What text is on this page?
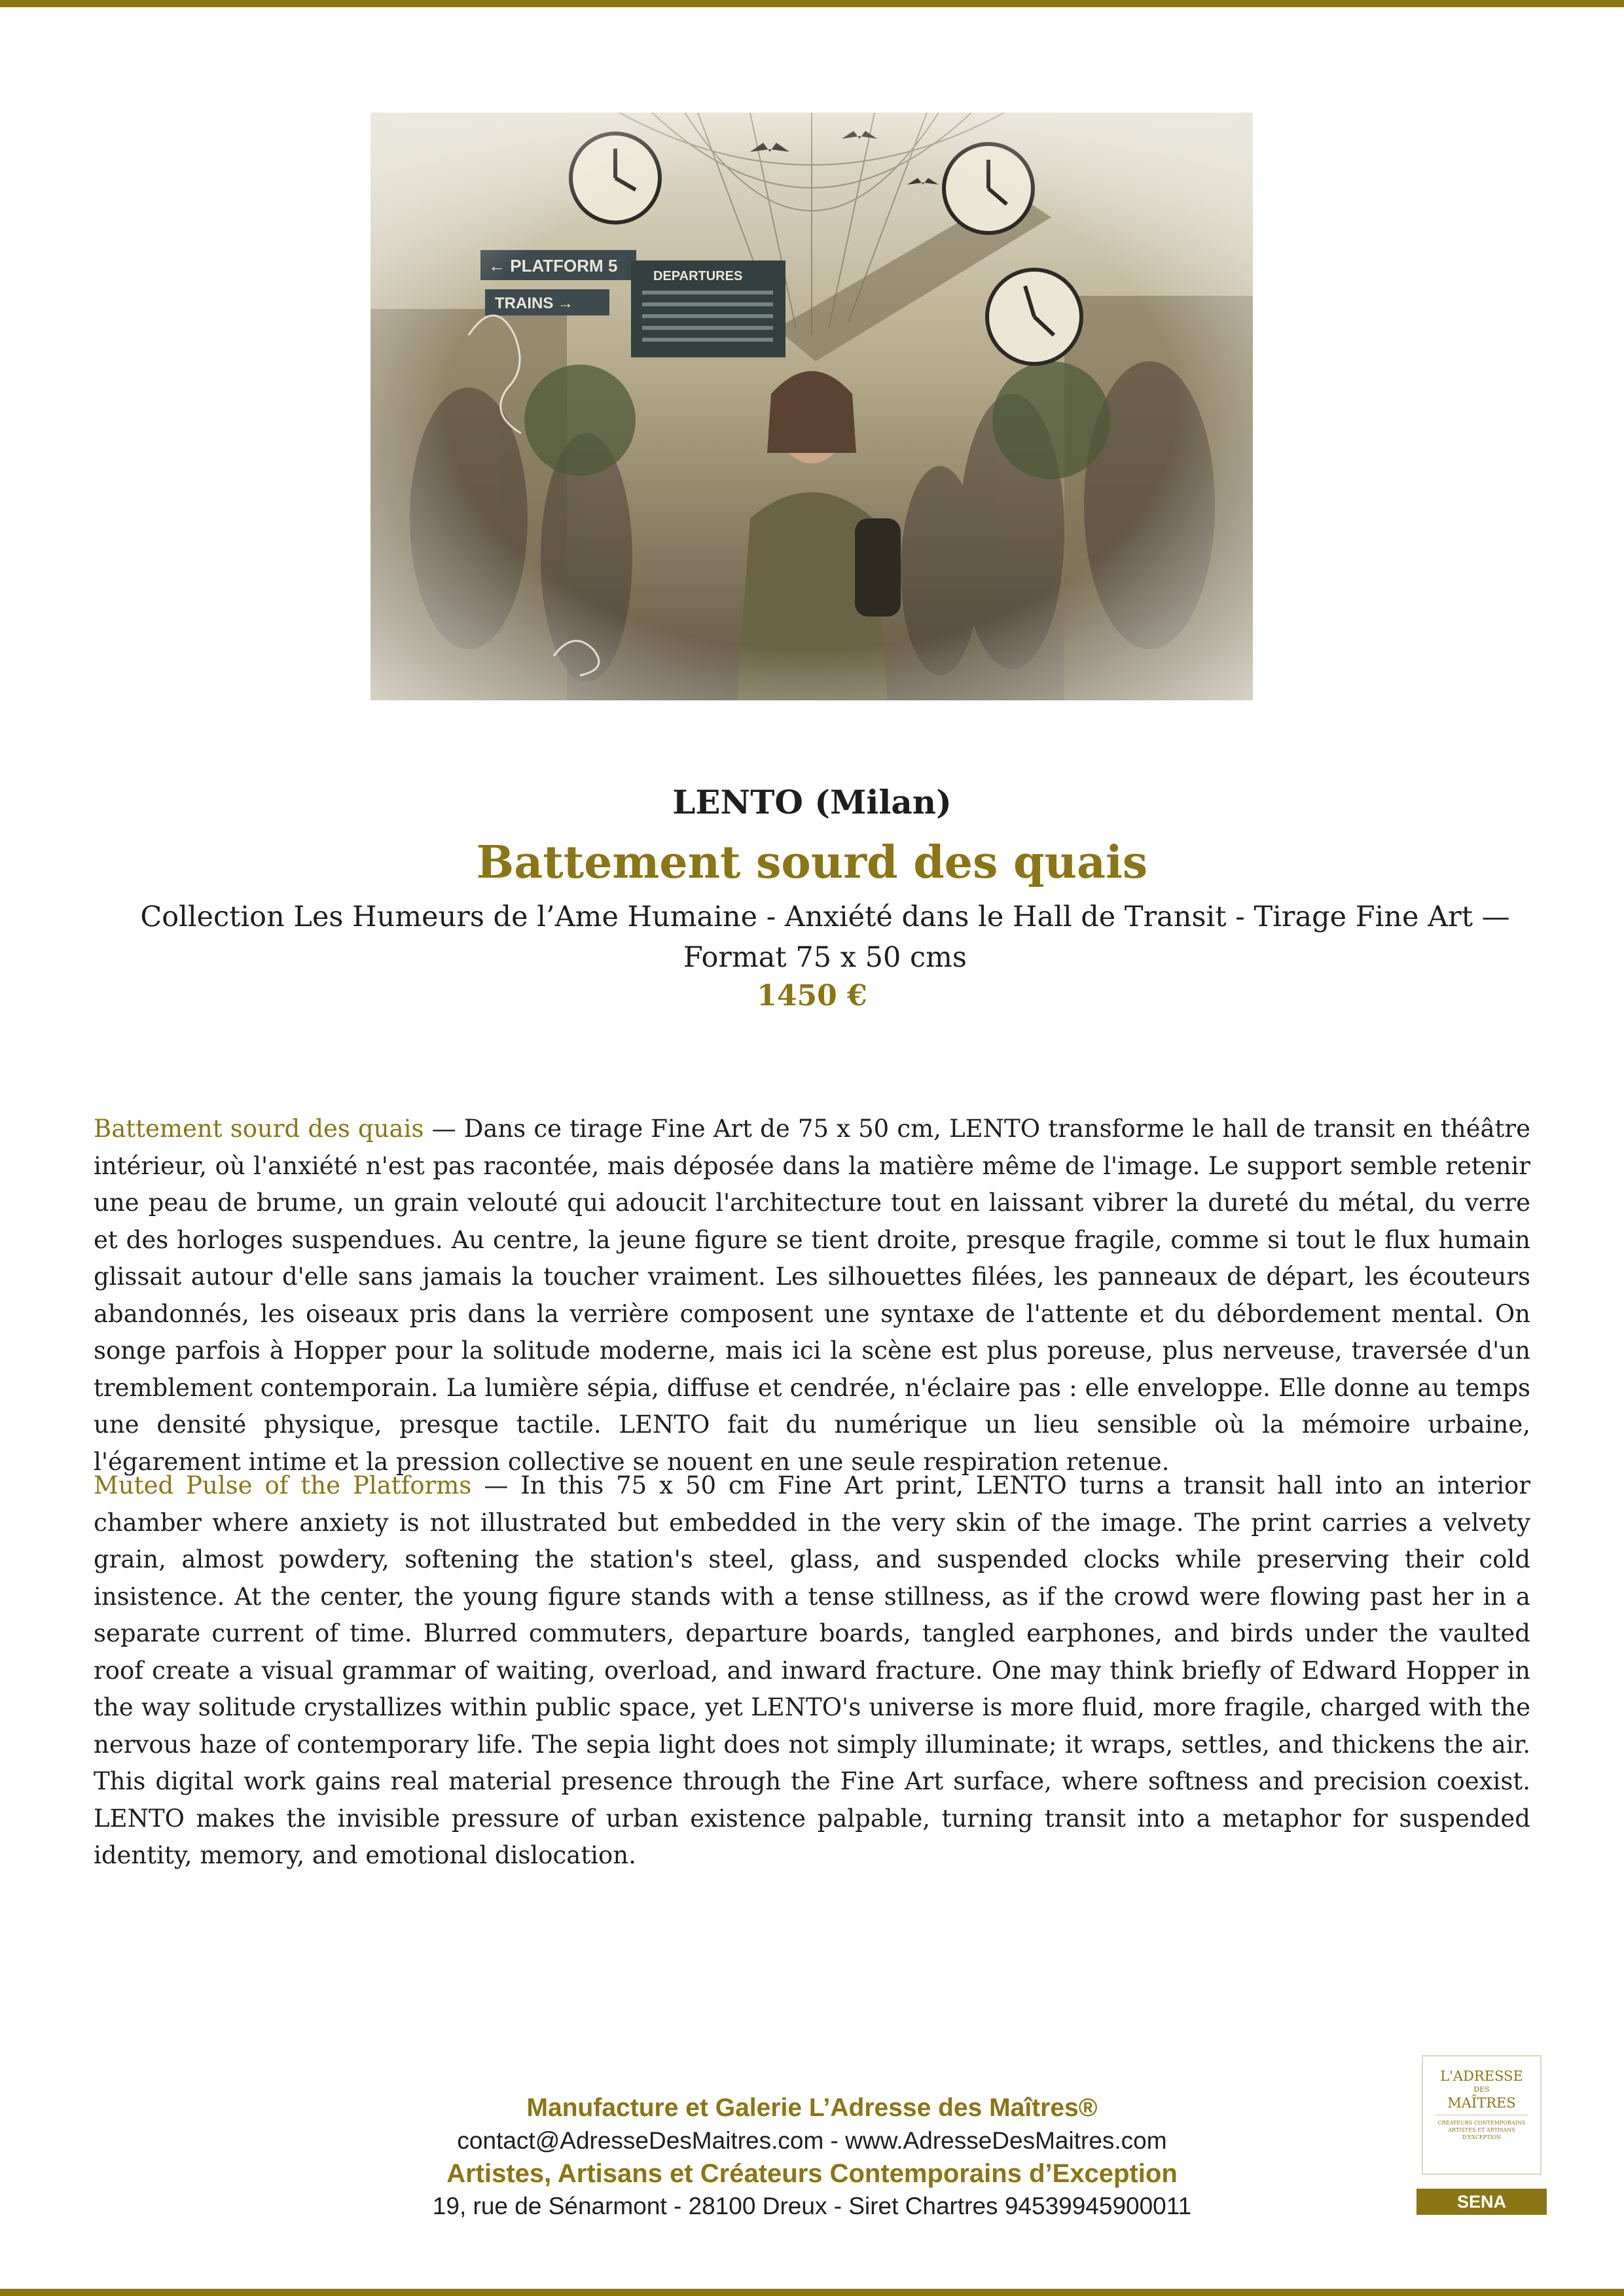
LENTO (Milan)
Battement sourd des quais
Collection Les Humeurs de l’Ame Humaine - Anxiété dans le Hall de Transit - Tirage Fine Art — Format 75 x 50 cms
1450 €

Battement sourd des quais — Dans ce tirage Fine Art de 75 x 50 cm, LENTO transforme le hall de transit en théâtre intérieur, où l'anxiété n'est pas racontée, mais déposée dans la matière même de l'image. Le support semble retenir une peau de brume, un grain velouté qui adoucit l'architecture tout en laissant vibrer la dureté du métal, du verre et des horloges suspendues. Au centre, la jeune figure se tient droite, presque fragile, comme si tout le flux humain glissait autour d'elle sans jamais la toucher vraiment. Les silhouettes filées, les panneaux de départ, les écouteurs abandonnés, les oiseaux pris dans la verrière composent une syntaxe de l'attente et du débordement mental. On songe parfois à Hopper pour la solitude moderne, mais ici la scène est plus poreuse, plus nerveuse, traversée d'un tremblement contemporain. La lumière sépia, diffuse et cendrée, n'éclaire pas : elle enveloppe. Elle donne au temps une densité physique, presque tactile. LENTO fait du numérique un lieu sensible où la mémoire urbaine, l'égarement intime et la pression collective se nouent en une seule respiration retenue.

Muted Pulse of the Platforms — In this 75 x 50 cm Fine Art print, LENTO turns a transit hall into an interior chamber where anxiety is not illustrated but embedded in the very skin of the image. The print carries a velvety grain, almost powdery, softening the station's steel, glass, and suspended clocks while preserving their cold insistence. At the center, the young figure stands with a tense stillness, as if the crowd were flowing past her in a separate current of time. Blurred commuters, departure boards, tangled earphones, and birds under the vaulted roof create a visual grammar of waiting, overload, and inward fracture. One may think briefly of Edward Hopper in the way solitude crystallizes within public space, yet LENTO's universe is more fluid, more fragile, charged with the nervous haze of contemporary life. The sepia light does not simply illuminate; it wraps, settles, and thickens the air. This digital work gains real material presence through the Fine Art surface, where softness and precision coexist. LENTO makes the invisible pressure of urban existence palpable, turning transit into a metaphor for suspended identity, memory, and emotional dislocation.

Manufacture et Galerie L’Adresse des Maîtres®
contact@AdresseDesMaitres.com - www.AdresseDesMaitres.com
Artistes, Artisans et Créateurs Contemporains d’Exception
19, rue de Sénarmont - 28100 Dreux - Siret Chartres 94539945900011
L'ADRESSE
DES
MAÎTRES
CRÉATEURS CONTEMPORAINS ARTISTES ET ARTISANS D'EXCEPTION
SENA
